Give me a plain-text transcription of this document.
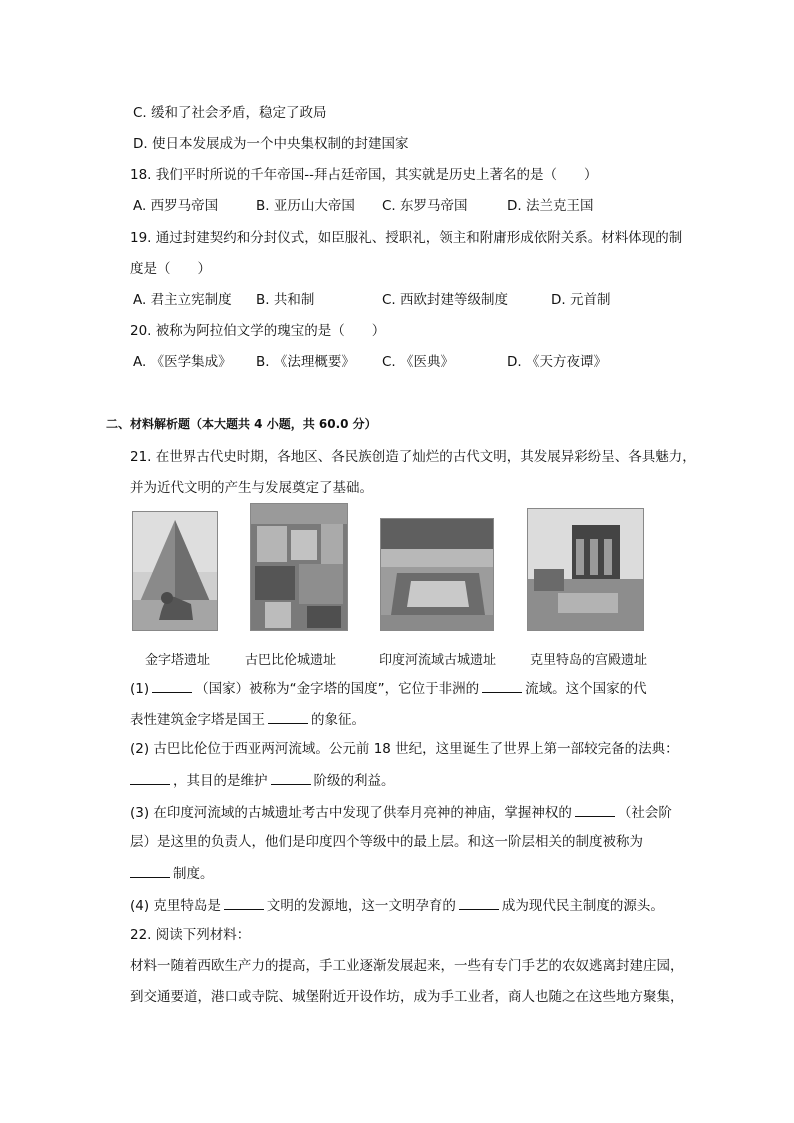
C. 缓和了社会矛盾，稳定了政局
D. 使日本发展成为一个中央集权制的封建国家
18. 我们平时所说的千年帝国--拜占廷帝国，其实就是历史上著名的是（　　）
A. 西罗马帝国	B. 亚历山大帝国 C. 东罗马帝国	D. 法兰克王国
19. 通过封建契约和分封仪式，如臣服礼、授职礼，领主和附庸形成依附关系。材料体现的制
度是（　　）
A. 君主立宪制度 B. 共和制	C. 西欧封建等级制度	D. 元首制
20. 被称为阿拉伯文学的瑰宝的是（　　）
A. 《医学集成》 B. 《法理概要》 C. 《医典》	D. 《天方夜谭》
二、材料解析题（本大题共 4 小题，共 60.0 分）
21. 在世界古代史时期，各地区、各民族创造了灿烂的古代文明，其发展异彩纷呈、各具魅力，
并为近代文明的产生与发展奠定了基础。
金字塔遗址	古巴比伦城遗址	印度河流域古城遗址	克里特岛的宫殿遗址
(1)	（国家）被称为“金字塔的国度”，它位于非洲的	流域。这个国家的代
表性建筑金字塔是国王	的象征。
(2) 古巴比伦位于西亚两河流域。公元前 18 世纪，这里诞生了世界上第一部较完备的法典：
，其目的是维护	阶级的利益。
(3) 在印度河流域的古城遗址考古中发现了供奉月亮神的神庙，掌握神权的	（社会阶
层）是这里的负责人，他们是印度四个等级中的最上层。和这一阶层相关的制度被称为
制度。
(4) 克里特岛是	文明的发源地，这一文明孕育的	成为现代民主制度的源头。
22. 阅读下列材料：
材料一随着西欧生产力的提高，手工业逐渐发展起来，一些有专门手艺的农奴逃离封建庄园，
到交通要道，港口或寺院、城堡附近开设作坊，成为手工业者，商人也随之在这些地方聚集，
